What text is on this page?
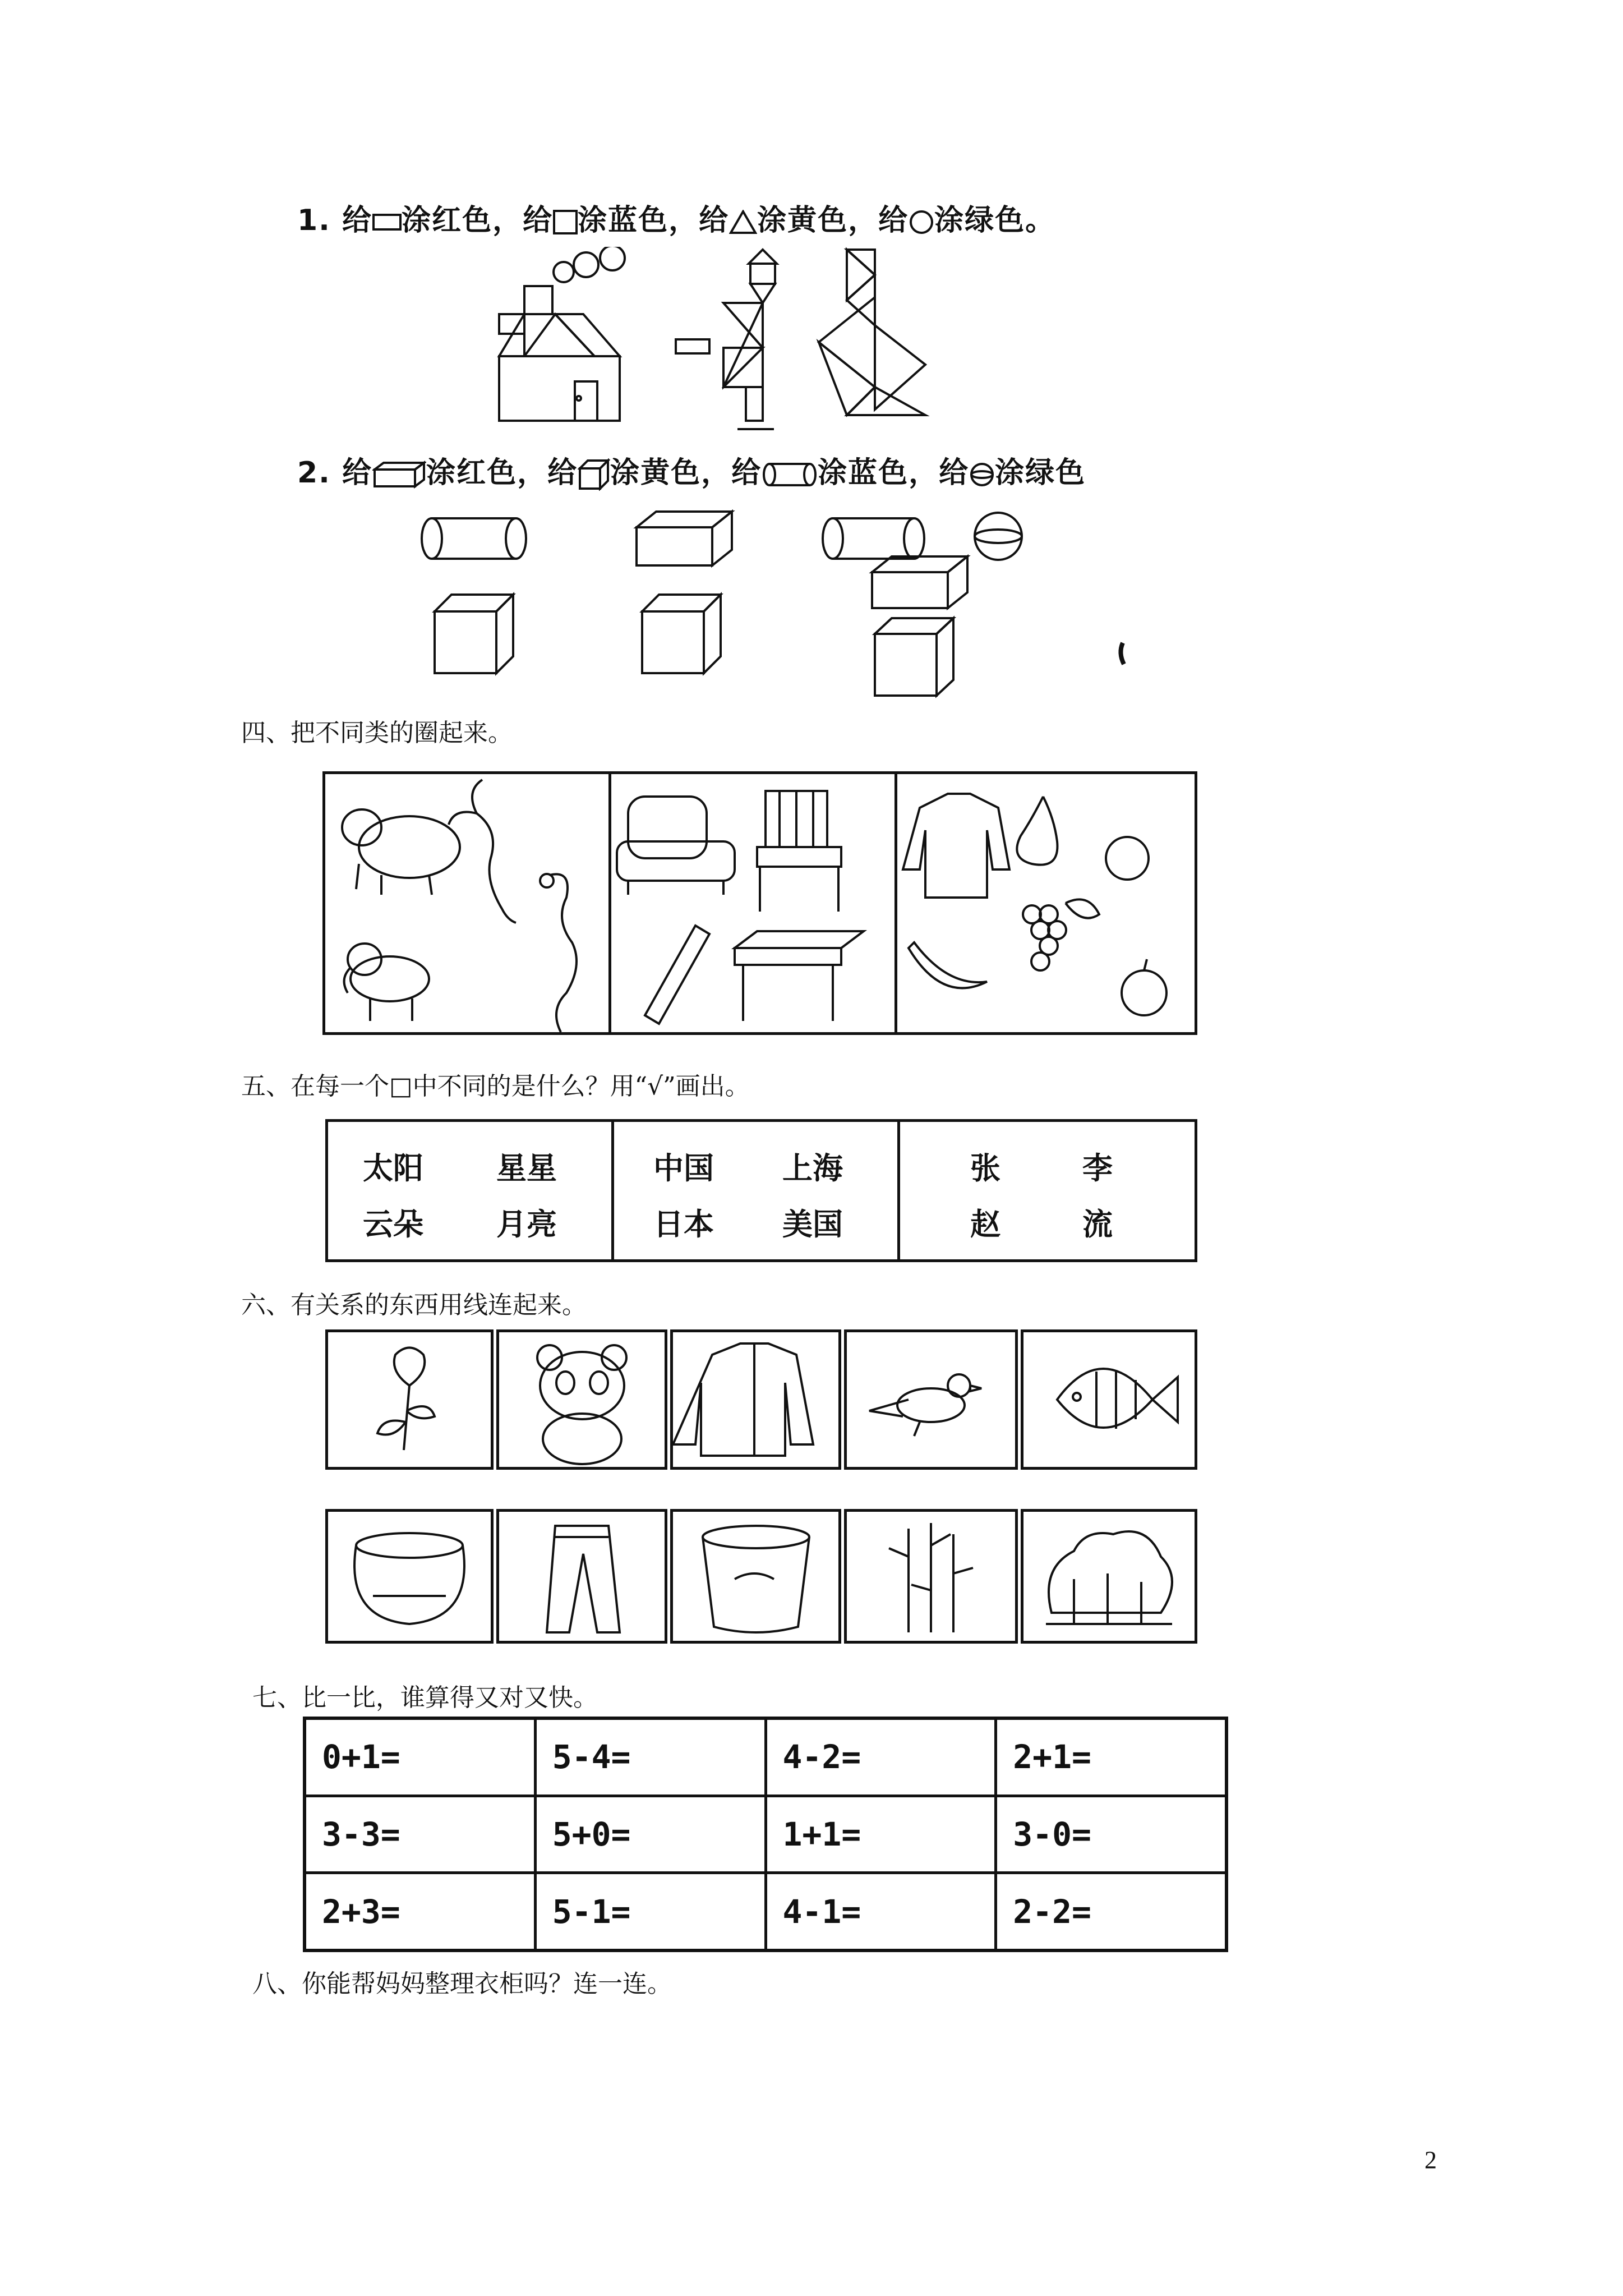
1. 给 涂红色，给 涂蓝色，给 涂黄色，给 涂绿色。
2. 给 涂红色，给 涂黄色，给 涂蓝色，给 涂绿色
四、把不同类的圈起来。
五、在每一个□中不同的是什么？用“√”画出。
太阳 星星
云朵 月亮
中国 上海
日本 美国
张	李
赵	流
六、有关系的东西用线连起来。
七、比一比，谁算得又对又快。
0+1=	5-4=	4-2=	2+1=
3-3=	5+0=	1+1=	3-0=
2+3=	5-1=	4-1=	2-2=
八、你能帮妈妈整理衣柜吗？连一连。
2
